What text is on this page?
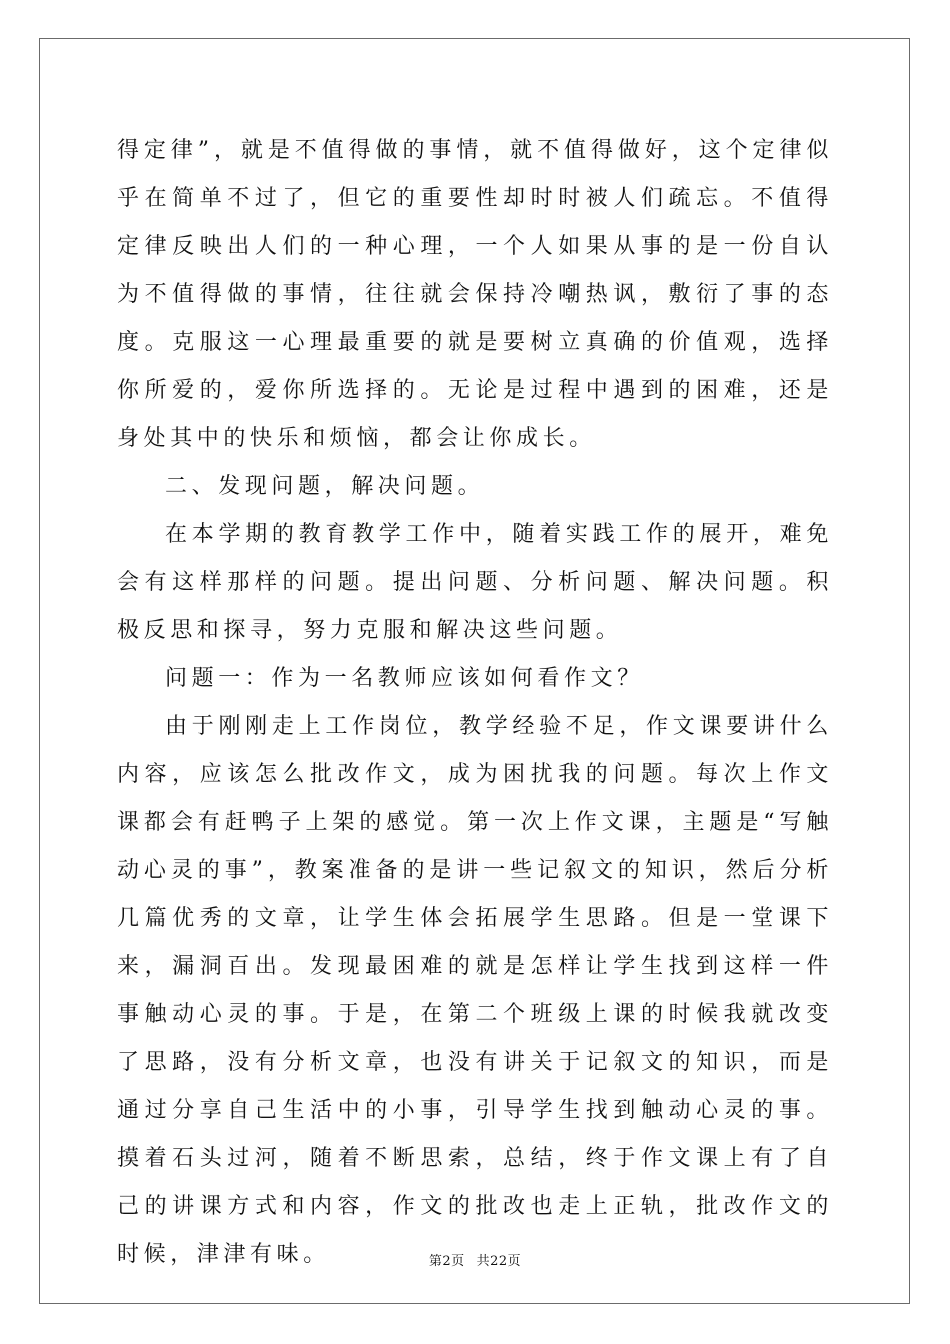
得定律”，就是不值得做的事情，就不值得做好，这个定律似乎在简单不过了，但它的重要性却时时被人们疏忘。不值得定律反映出人们的一种心理，一个人如果从事的是一份自认为不值得做的事情，往往就会保持冷嘲热讽，敷衍了事的态度。克服这一心理最重要的就是要树立真确的价值观，选择你所爱的，爱你所选择的。无论是过程中遇到的困难，还是身处其中的快乐和烦恼，都会让你成长。

二、发现问题，解决问题。

在本学期的教育教学工作中，随着实践工作的展开，难免会有这样那样的问题。提出问题、分析问题、解决问题。积极反思和探寻，努力克服和解决这些问题。

问题一：作为一名教师应该如何看作文？

由于刚刚走上工作岗位，教学经验不足，作文课要讲什么内容，应该怎么批改作文，成为困扰我的问题。每次上作文课都会有赶鸭子上架的感觉。第一次上作文课，主题是“写触动心灵的事”，教案准备的是讲一些记叙文的知识，然后分析几篇优秀的文章，让学生体会拓展学生思路。但是一堂课下来，漏洞百出。发现最困难的就是怎样让学生找到这样一件事触动心灵的事。于是，在第二个班级上课的时候我就改变了思路，没有分析文章，也没有讲关于记叙文的知识，而是通过分享自己生活中的小事，引导学生找到触动心灵的事。摸着石头过河，随着不断思索，总结，终于作文课上有了自己的讲课方式和内容，作文的批改也走上正轨，批改作文的时候，津津有味。	第2页 共22页
